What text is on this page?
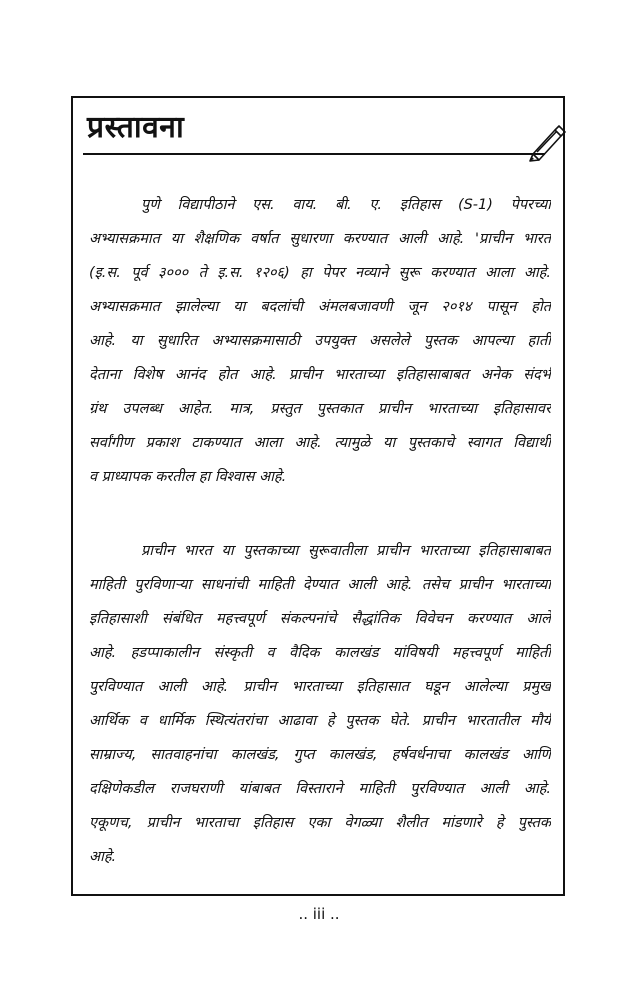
प्रस्तावना
पुणे विद्यापीठाने एस. वाय. बी. ए. इतिहास (S-1) पेपरच्या
अभ्यासक्रमात या शैक्षणिक वर्षात सुधारणा करण्यात आली आहे. 'प्राचीन भारत
(इ.स. पूर्व ३००० ते इ.स. १२०६) हा पेपर नव्याने सुरू करण्यात आला आहे.
अभ्यासक्रमात झालेल्या या बदलांची अंमलबजावणी जून २०१४ पासून होत
आहे. या सुधारित अभ्यासक्रमासाठी उपयुक्त असलेले पुस्तक आपल्या हाती
देताना विशेष आनंद होत आहे. प्राचीन भारताच्या इतिहासाबाबत अनेक संदर्भ
ग्रंथ उपलब्ध आहेत. मात्र, प्रस्तुत पुस्तकात प्राचीन भारताच्या इतिहासावर
सर्वांगीण प्रकाश टाकण्यात आला आहे. त्यामुळे या पुस्तकाचे स्वागत विद्यार्थी
व प्राध्यापक करतील हा विश्वास आहे.
प्राचीन भारत या पुस्तकाच्या सुरूवातीला प्राचीन भारताच्या इतिहासाबाबत
माहिती पुरविणाऱ्या साधनांची माहिती देण्यात आली आहे. तसेच प्राचीन भारताच्या
इतिहासाशी संबंधित महत्त्वपूर्ण संकल्पनांचे सैद्धांतिक विवेचन करण्यात आले
आहे. हडप्पाकालीन संस्कृती व वैदिक कालखंड यांविषयी महत्त्वपूर्ण माहिती
पुरविण्यात आली आहे. प्राचीन भारताच्या इतिहासात घडून आलेल्या प्रमुख
आर्थिक व धार्मिक स्थित्यंतरांचा आढावा हे पुस्तक घेते. प्राचीन भारतातील मौर्य
साम्राज्य, सातवाहनांचा कालखंड, गुप्त कालखंड, हर्षवर्धनाचा कालखंड आणि
दक्षिणेकडील राजघराणी यांबाबत विस्ताराने माहिती पुरविण्यात आली आहे.
एकूणच, प्राचीन भारताचा इतिहास एका वेगळ्या शैलीत मांडणारे हे पुस्तक
आहे.
.. iii ..
